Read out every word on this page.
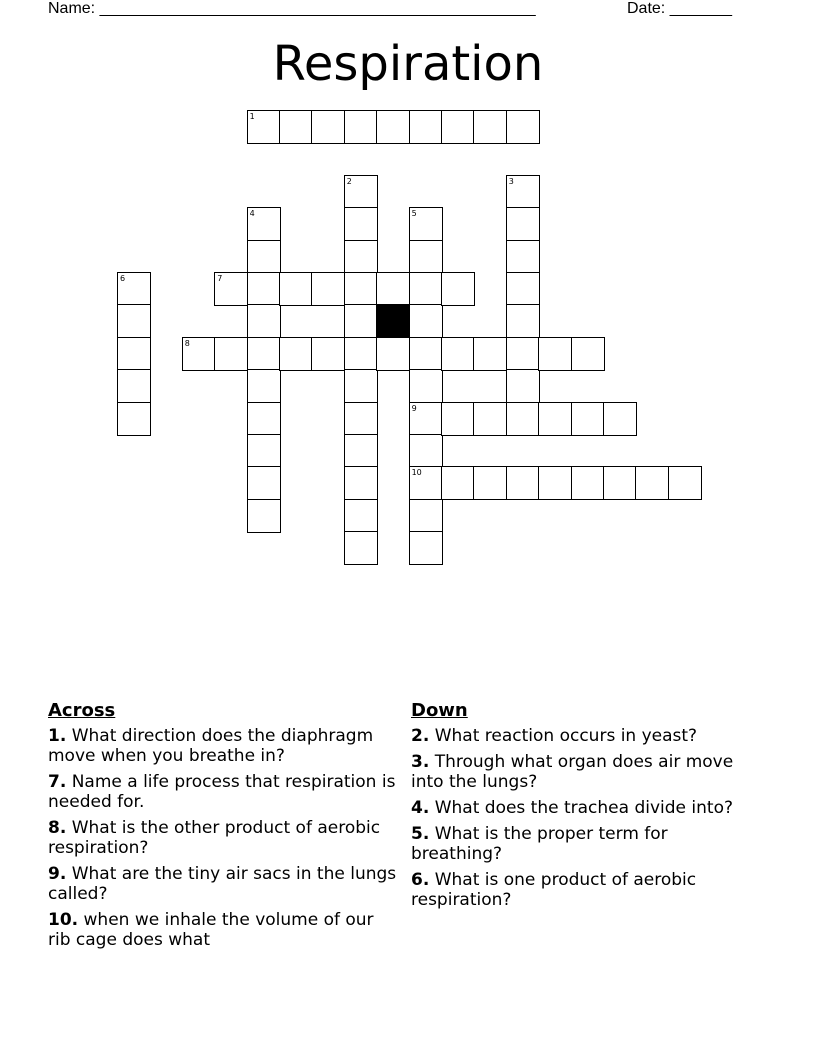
Name: _________________________________________________	Date: _______
Respiration
1
2	3
4	5
9
10
6	7
8
Across
1. What direction does the diaphragm move when you breathe in?
7. Name a life process that respiration is needed for.
8. What is the other product of aerobic respiration?
9. What are the tiny air sacs in the lungs called?
10. when we inhale the volume of our rib cage does what
Down
2. What reaction occurs in yeast?
3. Through what organ does air move into the lungs?
4. What does the trachea divide into?
5. What is the proper term for breathing?
6. What is one product of aerobic respiration?
